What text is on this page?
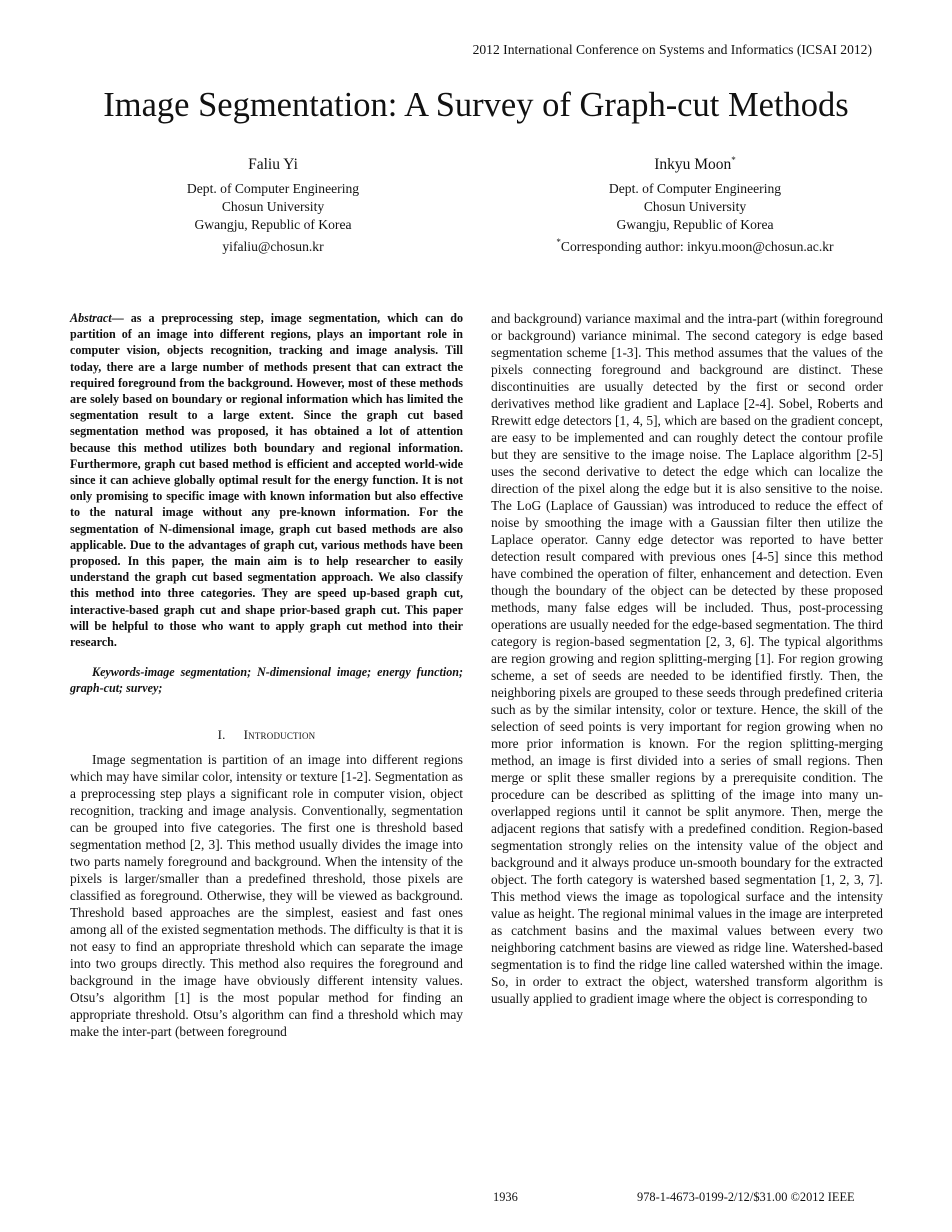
2012 International Conference on Systems and Informatics (ICSAI 2012)
Image Segmentation: A Survey of Graph-cut Methods
Faliu Yi
Dept. of Computer Engineering
Chosun University
Gwangju, Republic of Korea
yifaliu@chosun.kr
Inkyu Moon*
Dept. of Computer Engineering
Chosun University
Gwangju, Republic of Korea
*Corresponding author: inkyu.moon@chosun.ac.kr
Abstract— as a preprocessing step, image segmentation, which can do partition of an image into different regions, plays an important role in computer vision, objects recognition, tracking and image analysis. Till today, there are a large number of methods present that can extract the required foreground from the background. However, most of these methods are solely based on boundary or regional information which has limited the segmentation result to a large extent. Since the graph cut based segmentation method was proposed, it has obtained a lot of attention because this method utilizes both boundary and regional information. Furthermore, graph cut based method is efficient and accepted world-wide since it can achieve globally optimal result for the energy function. It is not only promising to specific image with known information but also effective to the natural image without any pre-known information. For the segmentation of N-dimensional image, graph cut based methods are also applicable. Due to the advantages of graph cut, various methods have been proposed. In this paper, the main aim is to help researcher to easily understand the graph cut based segmentation approach. We also classify this method into three categories. They are speed up-based graph cut, interactive-based graph cut and shape prior-based graph cut. This paper will be helpful to those who want to apply graph cut method into their research.
Keywords-image segmentation; N-dimensional image; energy function; graph-cut; survey;
I. Introduction

Image segmentation is partition of an image into different regions which may have similar color, intensity or texture [1-2]. Segmentation as a preprocessing step plays a significant role in computer vision, object recognition, tracking and image analysis. Conventionally, segmentation can be grouped into five categories. The first one is threshold based segmentation method [2, 3]. This method usually divides the image into two parts namely foreground and background. When the intensity of the pixels is larger/smaller than a predefined threshold, those pixels are classified as foreground. Otherwise, they will be viewed as background. Threshold based approaches are the simplest, easiest and fast ones among all of the existed segmentation methods. The difficulty is that it is not easy to find an appropriate threshold which can separate the image into two groups directly. This method also requires the foreground and background in the image have obviously different intensity values. Otsu’s algorithm [1] is the most popular method for finding an appropriate threshold. Otsu’s algorithm can find a threshold which may make the inter-part (between foreground

and background) variance maximal and the intra-part (within foreground or background) variance minimal. The second category is edge based segmentation scheme [1-3]. This method assumes that the values of the pixels connecting foreground and background are distinct. These discontinuities are usually detected by the first or second order derivatives method like gradient and Laplace [2-4]. Sobel, Roberts and Rrewitt edge detectors [1, 4, 5], which are based on the gradient concept, are easy to be implemented and can roughly detect the contour profile but they are sensitive to the image noise. The Laplace algorithm [2-5] uses the second derivative to detect the edge which can localize the direction of the pixel along the edge but it is also sensitive to the noise. The LoG (Laplace of Gaussian) was introduced to reduce the effect of noise by smoothing the image with a Gaussian filter then utilize the Laplace operator. Canny edge detector was reported to have better detection result compared with previous ones [4-5] since this method have combined the operation of filter, enhancement and detection. Even though the boundary of the object can be detected by these proposed methods, many false edges will be included. Thus, post-processing operations are usually needed for the edge-based segmentation. The third category is region-based segmentation [2, 3, 6]. The typical algorithms are region growing and region splitting-merging [1]. For region growing scheme, a set of seeds are needed to be identified firstly. Then, the neighboring pixels are grouped to these seeds through predefined criteria such as by the similar intensity, color or texture. Hence, the skill of the selection of seed points is very important for region growing when no more prior information is known. For the region splitting-merging method, an image is first divided into a series of small regions. Then merge or split these smaller regions by a prerequisite condition. The procedure can be described as splitting of the image into many un-overlapped regions until it cannot be split anymore. Then, merge the adjacent regions that satisfy with a predefined condition. Region-based segmentation strongly relies on the intensity value of the object and background and it always produce un-smooth boundary for the extracted object. The forth category is watershed based segmentation [1, 2, 3, 7]. This method views the image as topological surface and the intensity value as height. The regional minimal values in the image are interpreted as catchment basins and the maximal values between every two neighboring catchment basins are viewed as ridge line. Watershed-based segmentation is to find the ridge line called watershed within the image. So, in order to extract the object, watershed transform algorithm is usually applied to gradient image where the object is corresponding to

1936	978-1-4673-0199-2/12/$31.00 ©2012 IEEE
